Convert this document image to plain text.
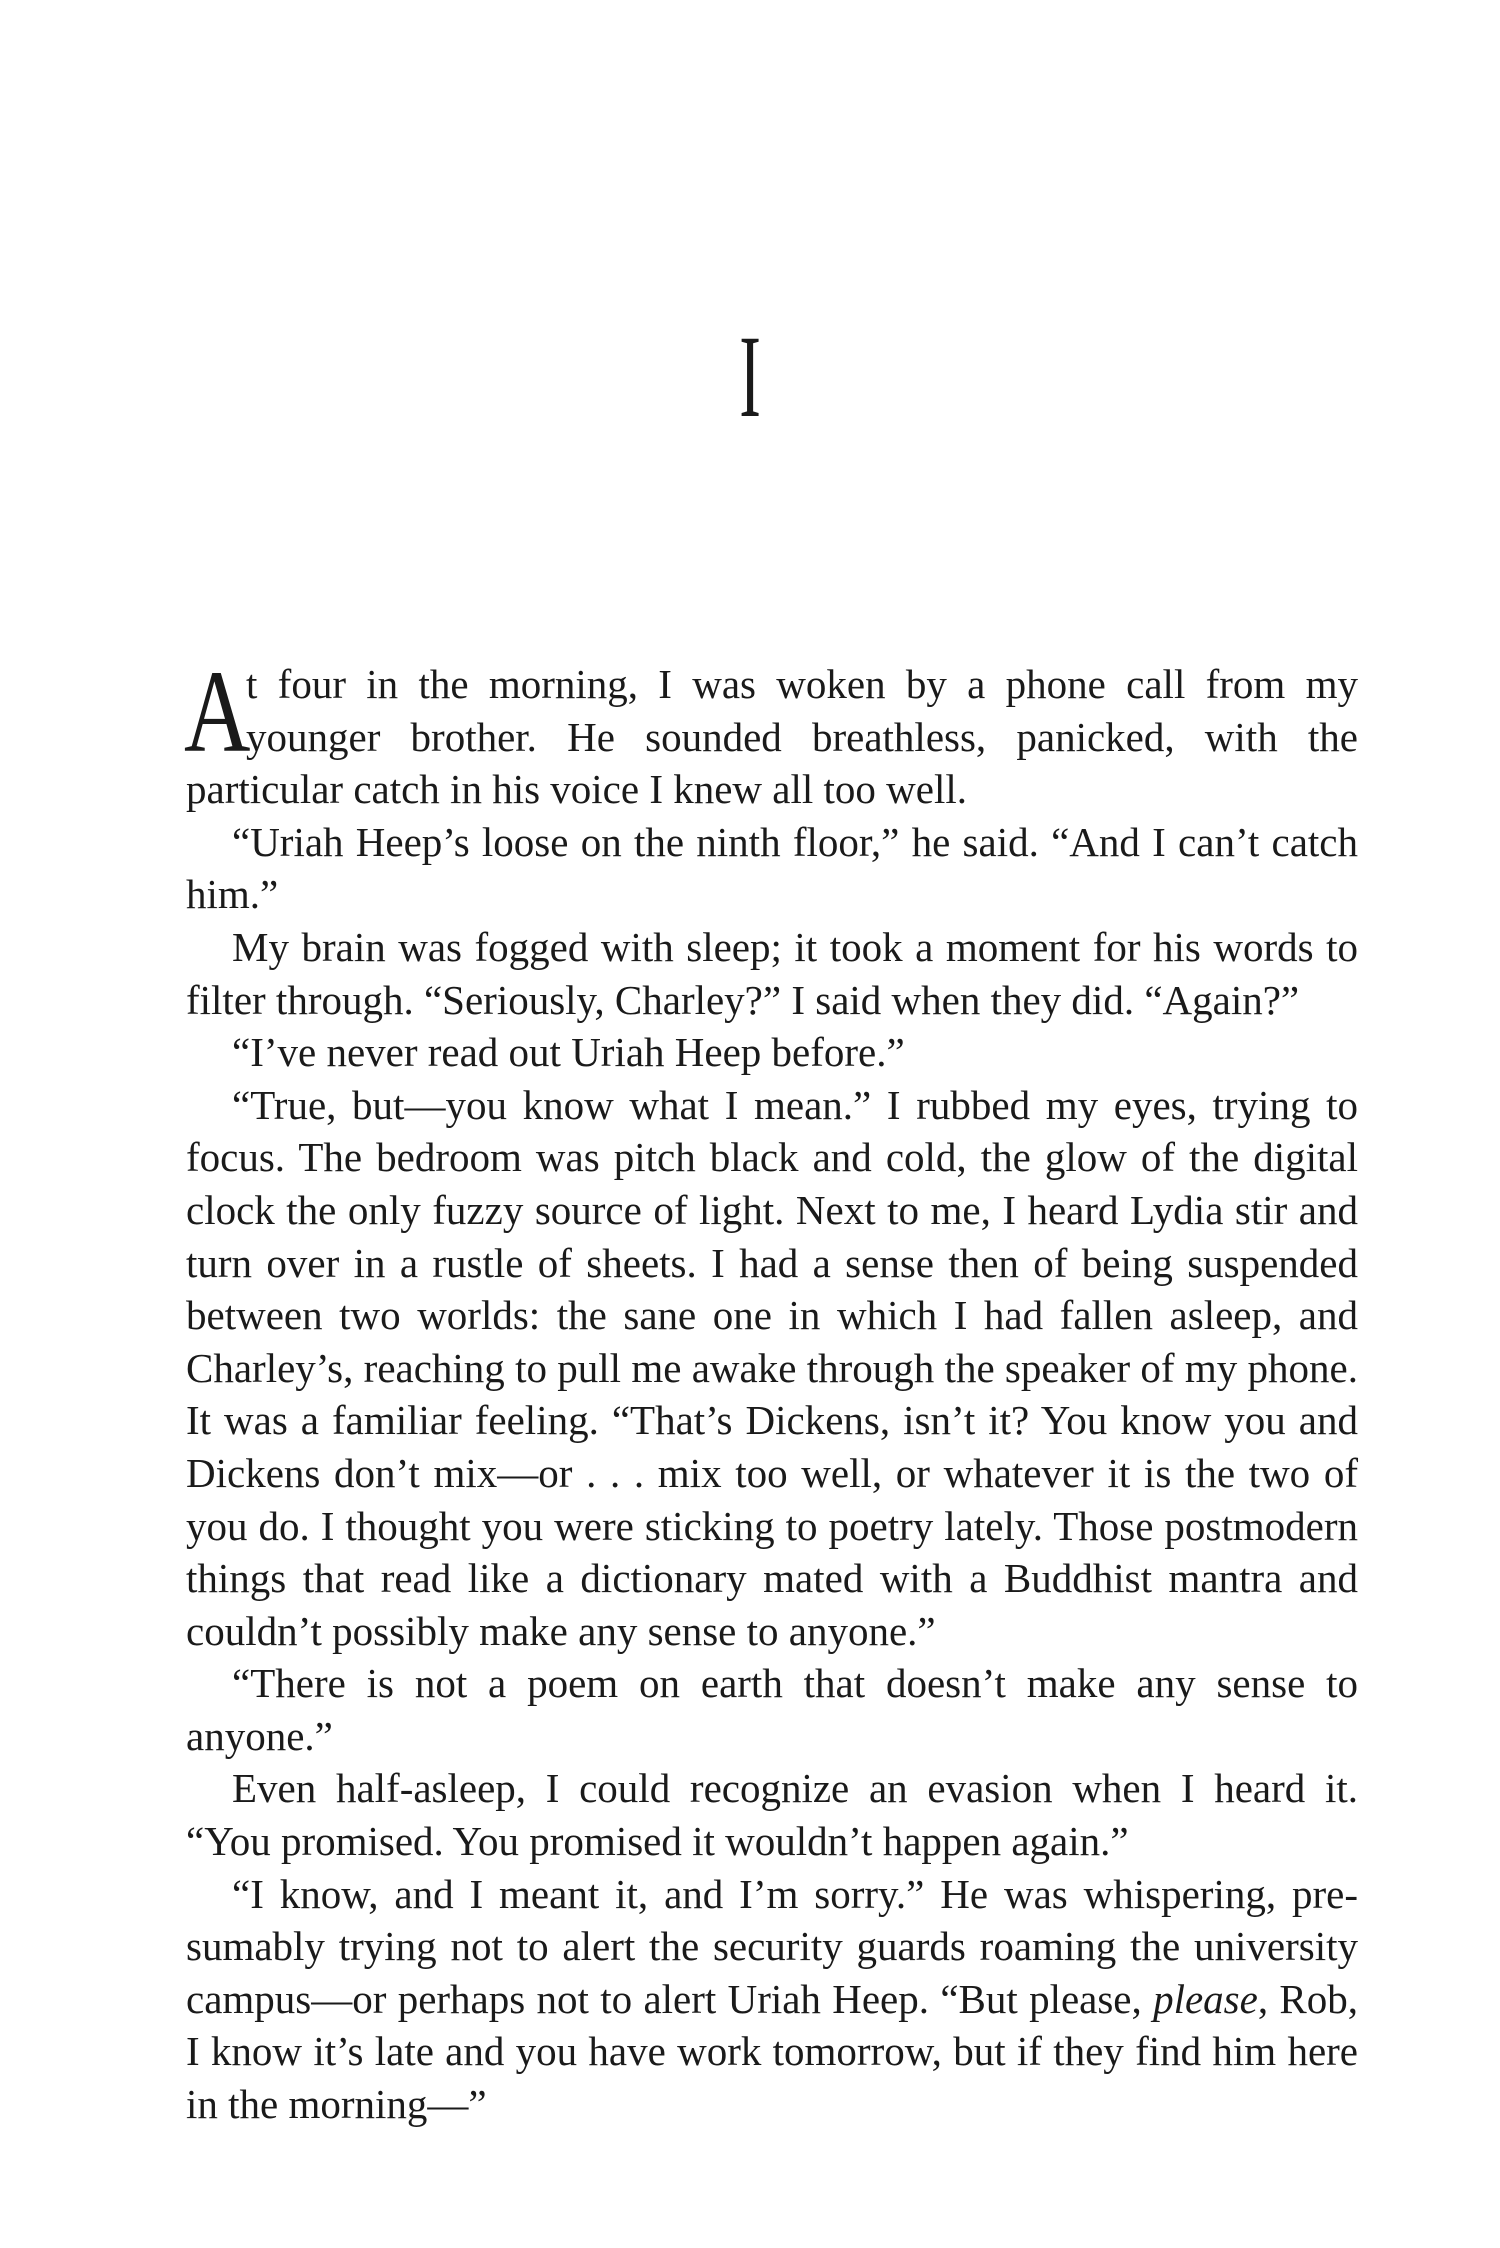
I

A
t four in the morning, I was woken by a phone call from my younger brother. He sounded breathless, panicked, with the particular catch in his voice I knew all too well.

“Uriah Heep’s loose on the ninth floor,” he said. “And I can’t catch him.”

My brain was fogged with sleep; it took a moment for his words to filter through. “Seriously, Charley?” I said when they did. “Again?”

“I’ve never read out Uriah Heep before.”

“True, but—you know what I mean.” I rubbed my eyes, trying to focus. The bedroom was pitch black and cold, the glow of the digital clock the only fuzzy source of light. Next to me, I heard Lydia stir and turn over in a rustle of sheets. I had a sense then of being suspended between two worlds: the sane one in which I had fallen asleep, and Charley’s, reaching to pull me awake through the speaker of my phone. It was a familiar feeling. “That’s Dickens, isn’t it? You know you and Dickens don’t mix—or . . . mix too well, or whatever it is the two of you do. I thought you were sticking to poetry lately. Those postmodern things that read like a dictionary mated with a Buddhist mantra and couldn’t possibly make any sense to anyone.”

“There is not a poem on earth that doesn’t make any sense to anyone.”

Even half-asleep, I could recognize an evasion when I heard it. “You promised. You promised it wouldn’t happen again.”

“I know, and I meant it, and I’m sorry.” He was whispering, presumably trying not to alert the security guards roaming the university campus—or perhaps not to alert Uriah Heep. “But please, please, Rob, I know it’s late and you have work tomorrow, but if they find him here in the morning—”
